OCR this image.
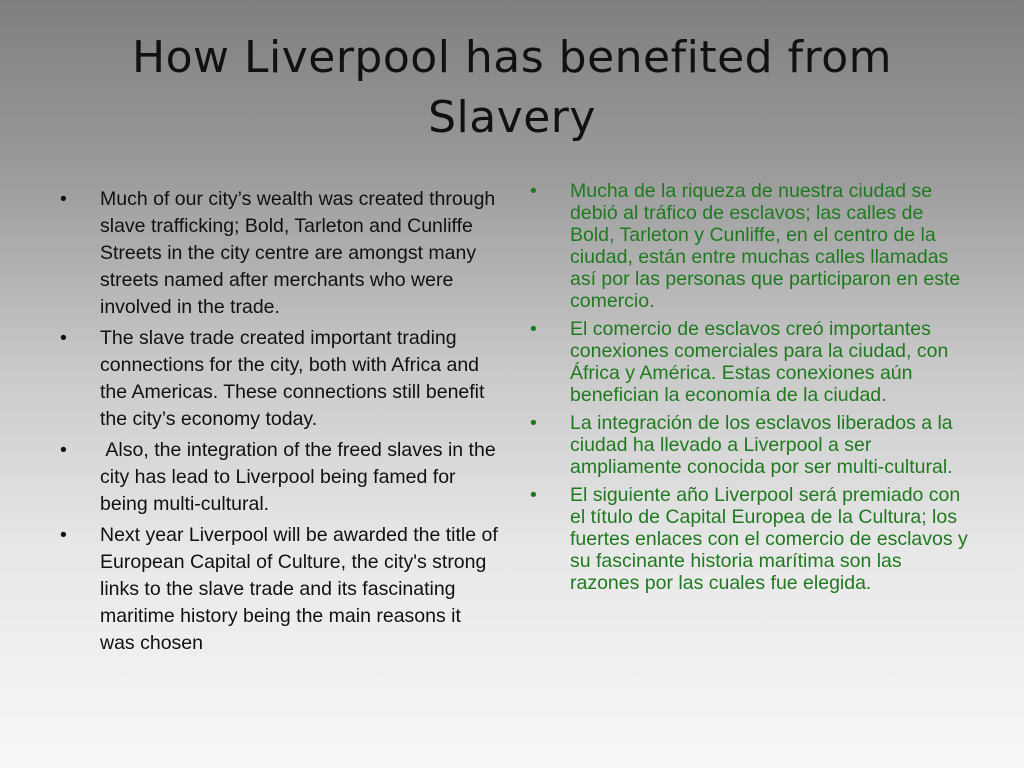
How Liverpool has benefited from Slavery
• Much of our city’s wealth was created through slave trafficking; Bold, Tarleton and Cunliffe Streets in the city centre are amongst many streets named after merchants who were involved in the trade.
• The slave trade created important trading connections for the city, both with Africa and the Americas. These connections still benefit the city’s economy today.
• Also, the integration of the freed slaves in the city has lead to Liverpool being famed for being multi-cultural.
• Next year Liverpool will be awarded the title of European Capital of Culture, the city's strong links to the slave trade and its fascinating maritime history being the main reasons it was chosen
• Mucha de la riqueza de nuestra ciudad se debió al tráfico de esclavos; las calles de Bold, Tarleton y Cunliffe, en el centro de la ciudad, están entre muchas calles llamadas así por las personas que participaron en este comercio.
• El comercio de esclavos creó importantes conexiones comerciales para la ciudad, con África y América. Estas conexiones aún benefician la economía de la ciudad.
• La integración de los esclavos liberados a la ciudad ha llevado a Liverpool a ser ampliamente conocida por ser multi-cultural.
• El siguiente año Liverpool será premiado con el título de Capital Europea de la Cultura; los fuertes enlaces con el comercio de esclavos y su fascinante historia marítima son las razones por las cuales fue elegida.
